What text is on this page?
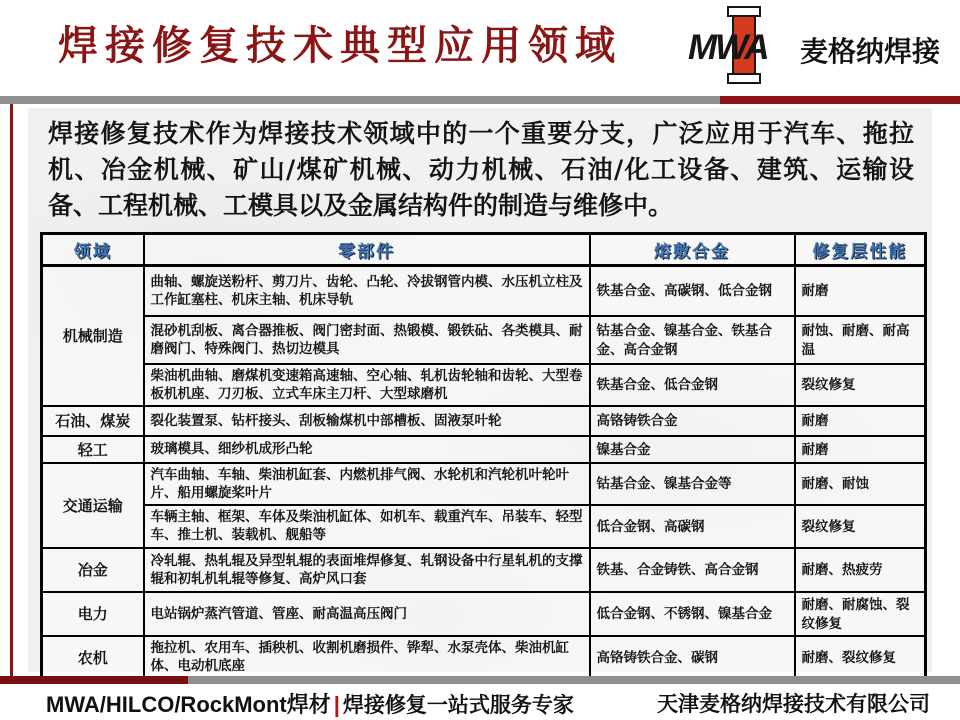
焊接修复技术典型应用领域	MWA	麦格纳焊接
焊接修复技术作为焊接技术领域中的一个重要分支，广泛应用于汽车、拖拉机、冶金机械、矿山/煤矿机械、动力机械、石油/化工设备、建筑、运输设备、工程机械、工模具以及金属结构件的制造与维修中。
领域	零部件	熔敷合金	修复层性能
机械制造	曲轴、螺旋送粉杆、剪刀片、齿轮、凸轮、冷拔钢管内模、水压机立柱及工作缸塞柱、机床主轴、机床导轨	铁基合金、高碳钢、低合金钢	耐磨
	混砂机刮板、离合器推板、阀门密封面、热锻模、锻铁砧、各类模具、耐磨阀门、特殊阀门、热切边模具	钴基合金、镍基合金、铁基合金、高合金钢	耐蚀、耐磨、耐高温
	柴油机曲轴、磨煤机变速箱高速轴、空心轴、轧机齿轮轴和齿轮、大型卷板机机座、刀刃板、立式车床主刀杆、大型球磨机	铁基合金、低合金钢	裂纹修复
石油、煤炭	裂化装置泵、钻杆接头、刮板输煤机中部槽板、固液泵叶轮	高铬铸铁合金	耐磨
轻工	玻璃模具、细纱机成形凸轮	镍基合金	耐磨
交通运输	汽车曲轴、车轴、柴油机缸套、内燃机排气阀、水轮机和汽轮机叶轮叶片、船用螺旋桨叶片	钴基合金、镍基合金等	耐磨、耐蚀
	车辆主轴、框架、车体及柴油机缸体、如机车、载重汽车、吊装车、轻型车、推土机、装载机、舰船等	低合金钢、高碳钢	裂纹修复
冶金	冷轧辊、热轧辊及异型轧辊的表面堆焊修复、轧钢设备中行星轧机的支撑辊和初轧机轧辊等修复、高炉风口套	铁基、合金铸铁、高合金钢	耐磨、热疲劳
电力	电站锅炉蒸汽管道、管座、耐高温高压阀门	低合金钢、不锈钢、镍基合金	耐磨、耐腐蚀、裂纹修复
农机	拖拉机、农用车、插秧机、收割机磨损件、铧犁、水泵壳体、柴油机缸体、电动机底座	高铬铸铁合金、碳钢	耐磨、裂纹修复
MWA/HILCO/RockMont焊材 | 焊接修复一站式服务专家	天津麦格纳焊接技术有限公司
